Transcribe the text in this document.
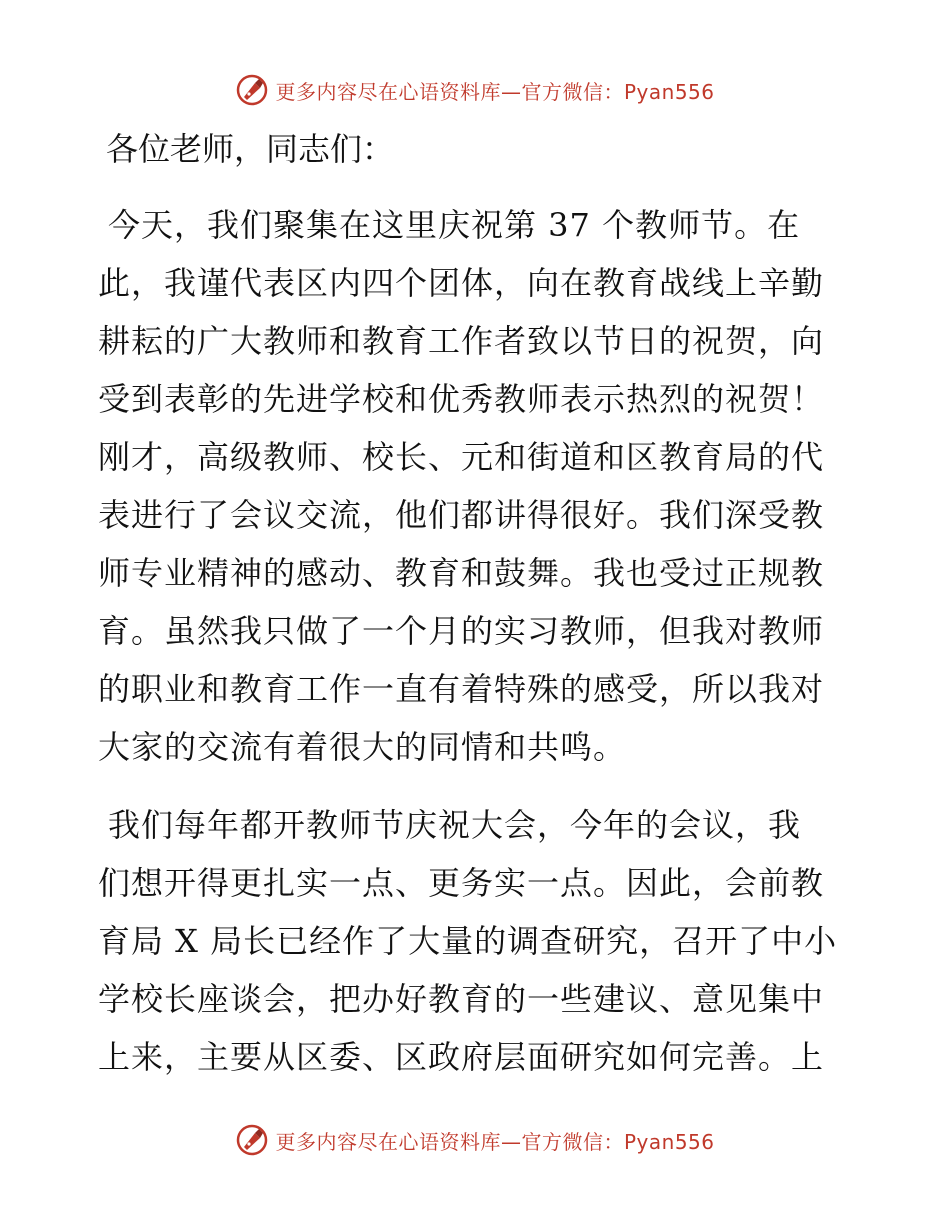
更多内容尽在心语资料库—官方微信：Pyan556

各位老师，同志们：

今天，我们聚集在这里庆祝第 37 个教师节。在
此，我谨代表区内四个团体，向在教育战线上辛勤
耕耘的广大教师和教育工作者致以节日的祝贺，向
受到表彰的先进学校和优秀教师表示热烈的祝贺！
刚才，高级教师、校长、元和街道和区教育局的代
表进行了会议交流，他们都讲得很好。我们深受教
师专业精神的感动、教育和鼓舞。我也受过正规教
育。虽然我只做了一个月的实习教师，但我对教师
的职业和教育工作一直有着特殊的感受，所以我对
大家的交流有着很大的同情和共鸣。
我们每年都开教师节庆祝大会，今年的会议，我
们想开得更扎实一点、更务实一点。因此，会前教
育局 X 局长已经作了大量的调查研究，召开了中小
学校长座谈会，把办好教育的一些建议、意见集中
上来，主要从区委、区政府层面研究如何完善。上
更多内容尽在心语资料库—官方微信：Pyan556
